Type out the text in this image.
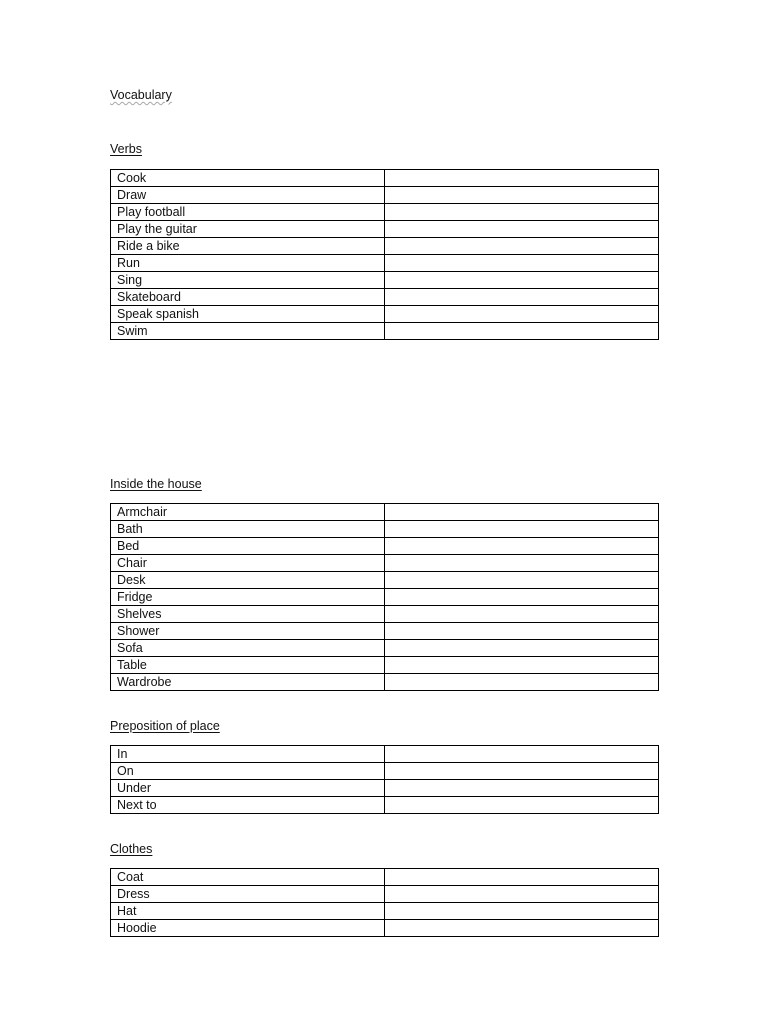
Vocabulary
Verbs
Cook	
Draw	
Play football	
Play the guitar	
Ride a bike	
Run	
Sing	
Skateboard	
Speak spanish	
Swim	
Inside the house
Armchair	
Bath	
Bed	
Chair	
Desk	
Fridge	
Shelves	
Shower	
Sofa	
Table	
Wardrobe	
Preposition of place
In	
On	
Under	
Next to	
Clothes
Coat	
Dress	
Hat	
Hoodie	
